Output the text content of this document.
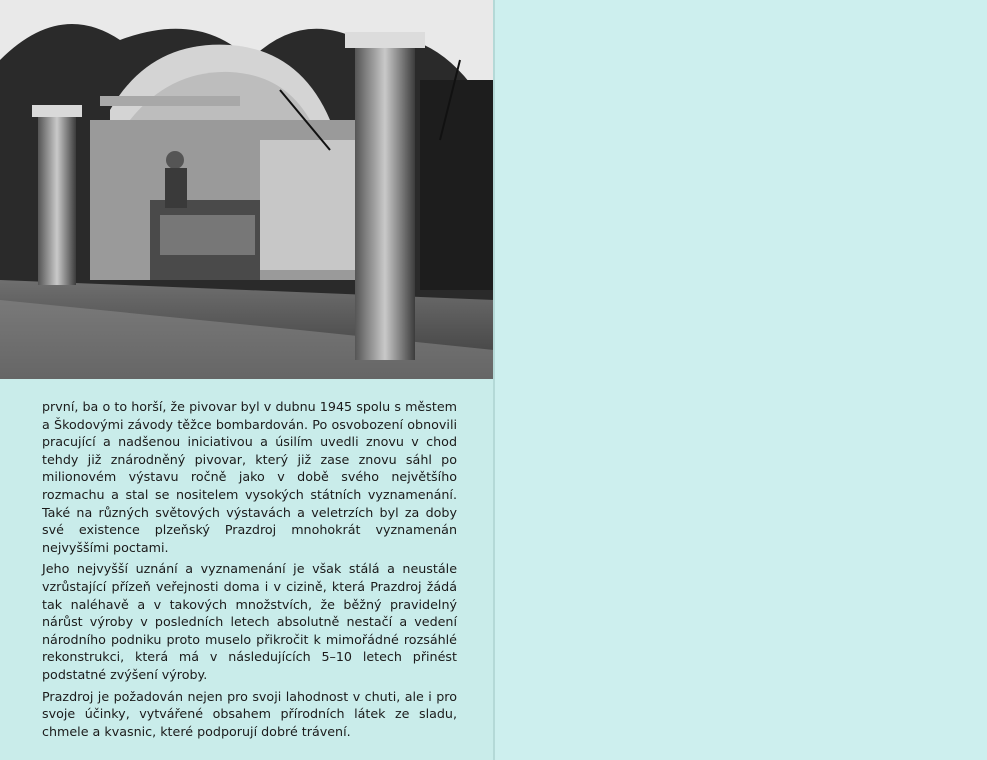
první, ba o to horší, že pivovar byl v dubnu 1945 spolu s městem a Škodovými závody těžce bombardován. Po osvobození obnovili pracující a nadšenou iniciativou a úsilím uvedli znovu v chod tehdy již znárodněný pivovar, který již zase znovu sáhl po milionovém výstavu ročně jako v době svého největšího rozmachu a stal se nositelem vysokých státních vyznamenání. Také na různých světových výstavách a veletrzích byl za doby své existence plzeňský Prazdroj mnohokrát vyznamenán nejvyššími poctami.

Jeho nejvyšší uznání a vyznamenání je však stálá a neustále vzrůstající přízeň veřejnosti doma i v cizině, která Prazdroj žádá tak naléhavě a v takových množstvích, že běžný pravidelný nárůst výroby v posledních letech absolutně nestačí a vedení národního podniku proto muselo přikročit k mimořádné rozsáhlé rekonstrukci, která má v následujících 5–10 letech přinést podstatné zvýšení výroby.

Prazdroj je požadován nejen pro svoji lahodnost v chuti, ale i pro svoje účinky, vytvářené obsahem přírodních látek ze sladu, chmele a kvasnic, které podporují dobré trávení.
